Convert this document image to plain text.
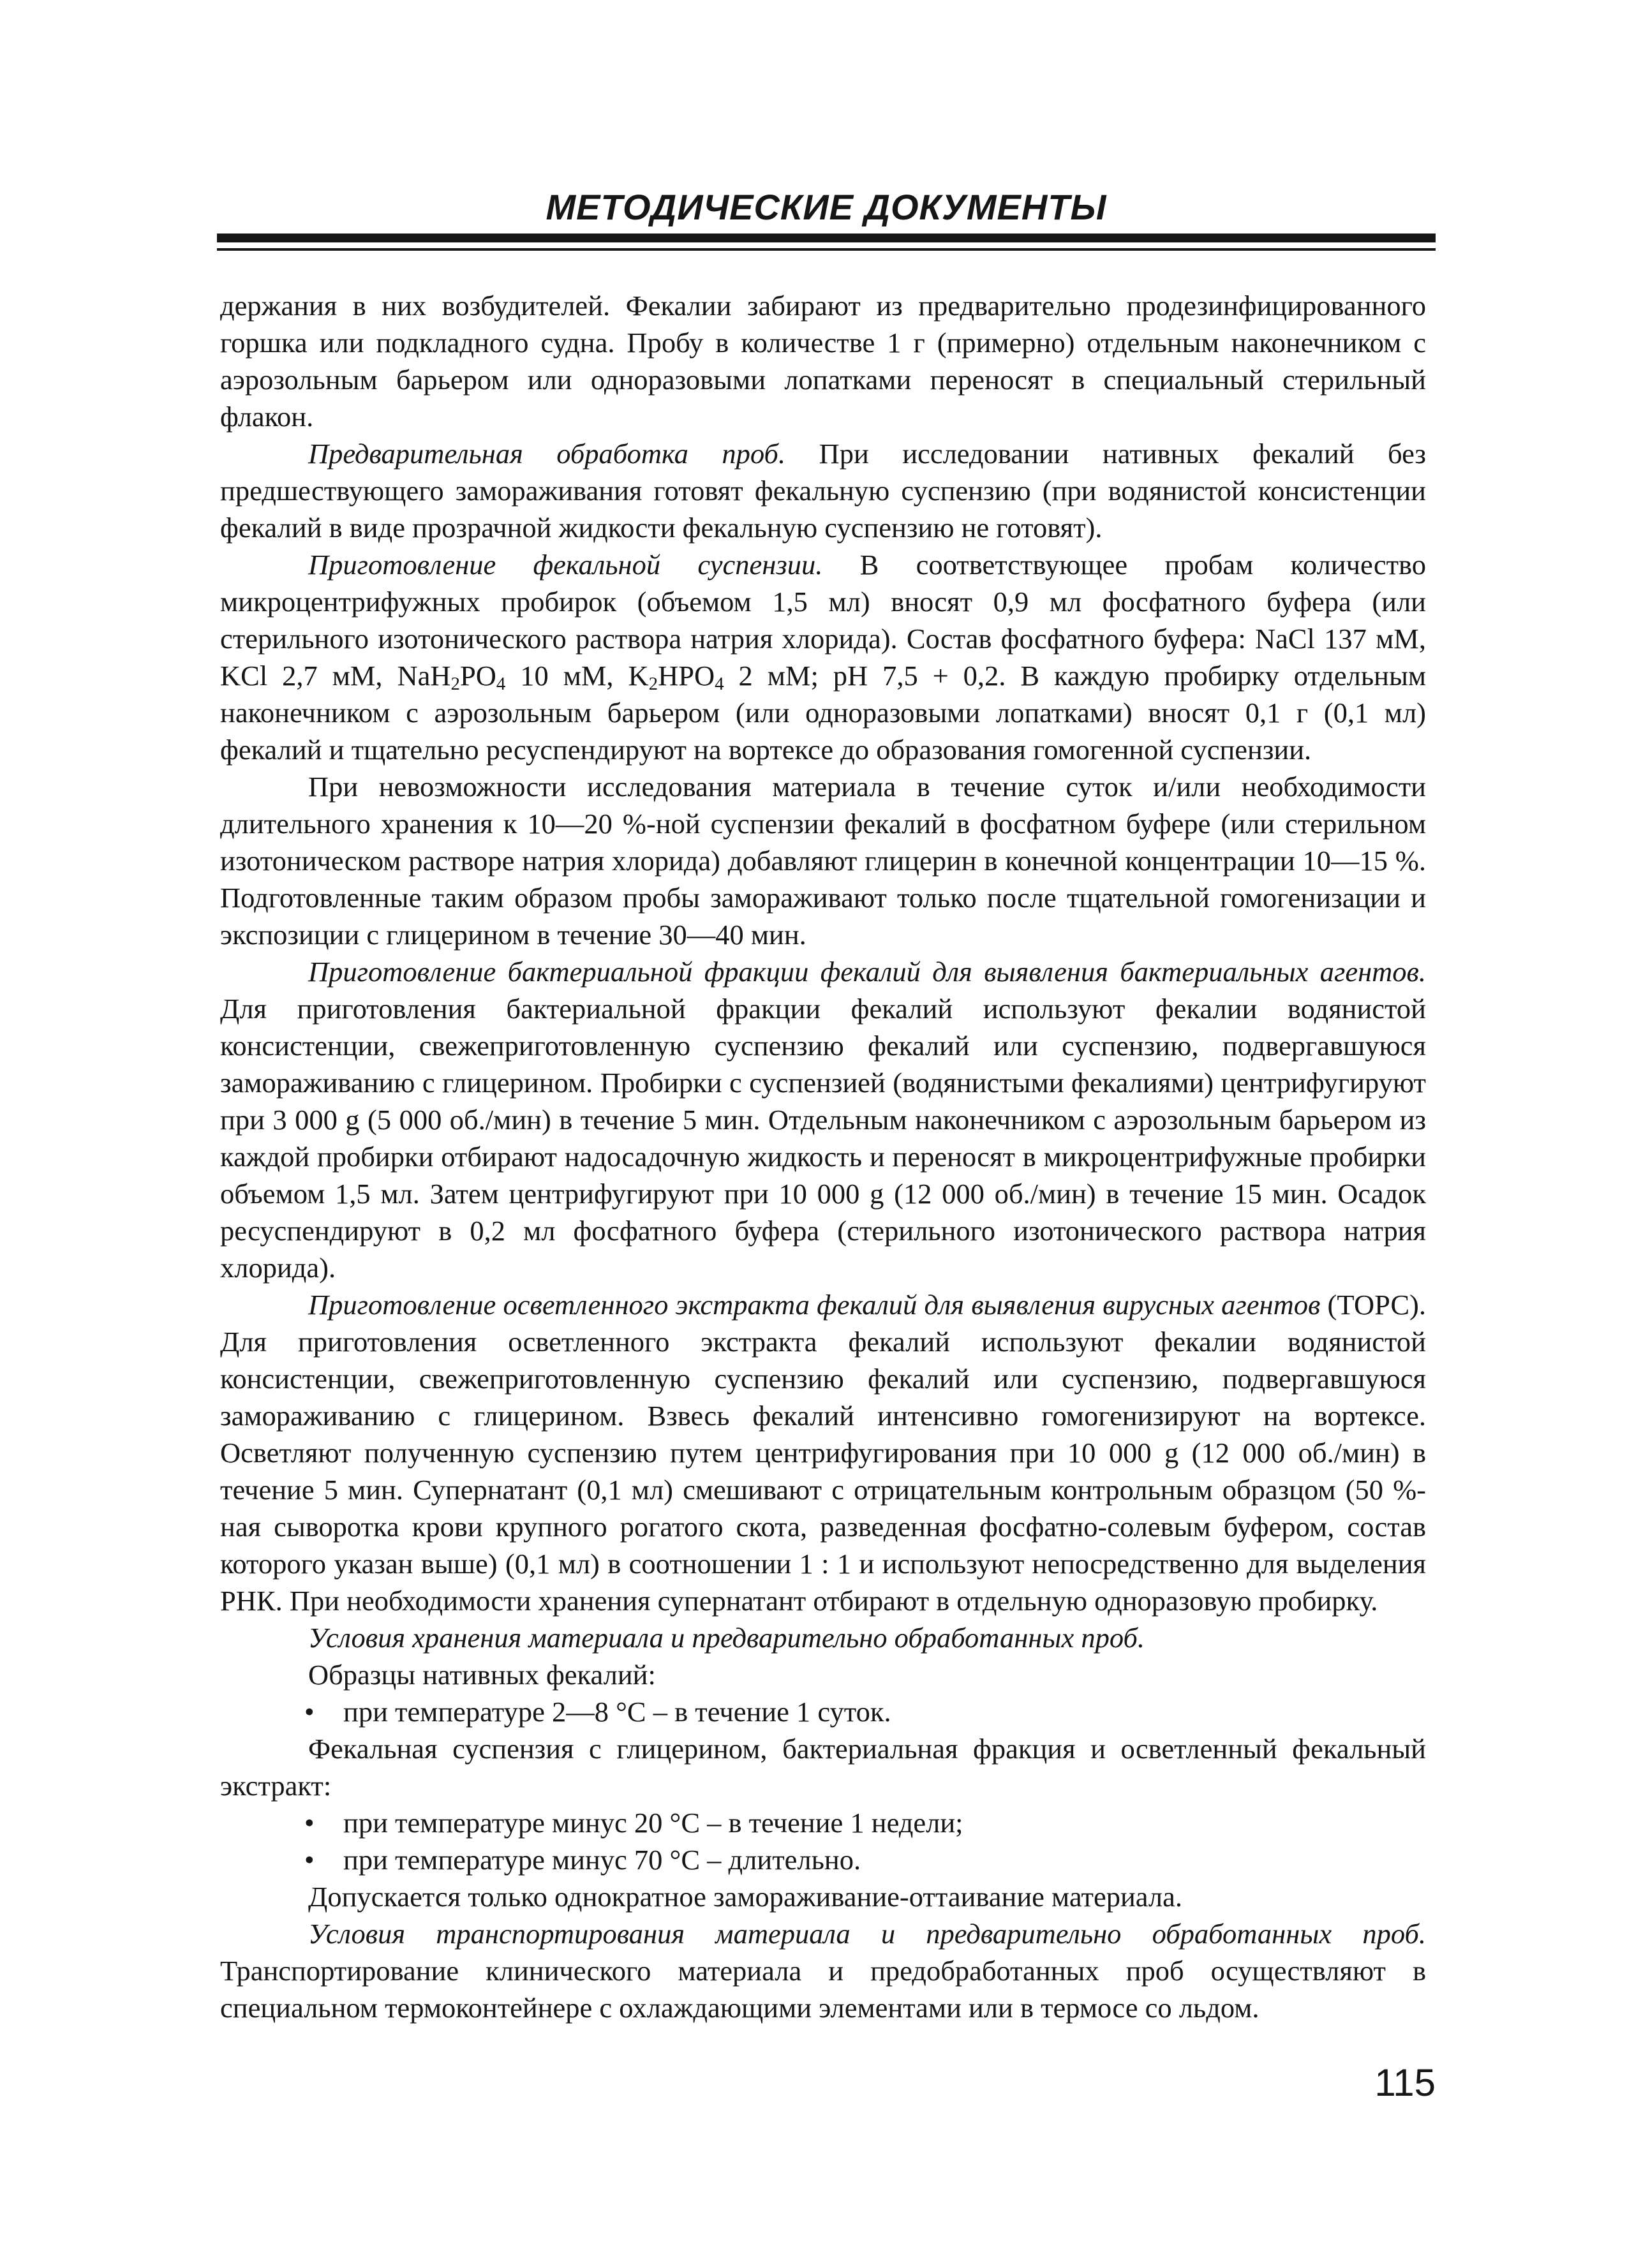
МЕТОДИЧЕСКИЕ ДОКУМЕНТЫ

держания в них возбудителей. Фекалии забирают из предварительно продезинфицированного горшка или подкладного судна. Пробу в количестве 1 г (примерно) отдельным наконечником с аэрозольным барьером или одноразовыми лопатками переносят в специальный стерильный флакон.

Предварительная обработка проб. При исследовании нативных фекалий без предшествующего замораживания готовят фекальную суспензию (при водянистой консистенции фекалий в виде прозрачной жидкости фекальную суспензию не готовят).

Приготовление фекальной суспензии. В соответствующее пробам количество микроцентрифужных пробирок (объемом 1,5 мл) вносят 0,9 мл фосфатного буфера (или стерильного изотонического раствора натрия хлорида). Состав фосфатного буфера: NaCl 137 мМ, KCl 2,7 мМ, $NaH_2PO_4$ 10 мМ, $K_2HPO_4$ 2 мМ; pH 7,5 + 0,2. В каждую пробирку отдельным наконечником с аэрозольным барьером (или одноразовыми лопатками) вносят 0,1 г (0,1 мл) фекалий и тщательно ресуспендируют на вортексе до образования гомогенной суспензии.

При невозможности исследования материала в течение суток и/или необходимости длительного хранения к 10—20 %-ной суспензии фекалий в фосфатном буфере (или стерильном изотоническом растворе натрия хлорида) добавляют глицерин в конечной концентрации 10—15 %. Подготовленные таким образом пробы замораживают только после тщательной гомогенизации и экспозиции с глицерином в течение 30—40 мин.

Приготовление бактериальной фракции фекалий для выявления бактериальных агентов. Для приготовления бактериальной фракции фекалий используют фекалии водянистой консистенции, свежеприготовленную суспензию фекалий или суспензию, подвергавшуюся замораживанию с глицерином. Пробирки с суспензией (водянистыми фекалиями) центрифугируют при 3 000 g (5 000 об./мин) в течение 5 мин. Отдельным наконечником с аэрозольным барьером из каждой пробирки отбирают надосадочную жидкость и переносят в микроцентрифужные пробирки объемом 1,5 мл. Затем центрифугируют при 10 000 g (12 000 об./мин) в течение 15 мин. Осадок ресуспендируют в 0,2 мл фосфатного буфера (стерильного изотонического раствора натрия хлорида).

Приготовление осветленного экстракта фекалий для выявления вирусных агентов (ТОРС). Для приготовления осветленного экстракта фекалий используют фекалии водянистой консистенции, свежеприготовленную суспензию фекалий или суспензию, подвергавшуюся замораживанию с глицерином. Взвесь фекалий интенсивно гомогенизируют на вортексе. Осветляют полученную суспензию путем центрифугирования при 10 000 g (12 000 об./мин) в течение 5 мин. Супернатант (0,1 мл) смешивают с отрицательным контрольным образцом (50 %-ная сыворотка крови крупного рогатого скота, разведенная фосфатно-солевым буфером, состав которого указан выше) (0,1 мл) в соотношении 1 : 1 и используют непосредственно для выделения РНК. При необходимости хранения супернатант отбирают в отдельную одноразовую пробирку.

Условия хранения материала и предварительно обработанных проб.

Образцы нативных фекалий:

• при температуре 2—8 °С – в течение 1 суток.

Фекальная суспензия с глицерином, бактериальная фракция и осветленный фекальный экстракт:

• при температуре минус 20 °С – в течение 1 недели;
• при температуре минус 70 °С – длительно.

Допускается только однократное замораживание-оттаивание материала.

Условия транспортирования материала и предварительно обработанных проб. Транспортирование клинического материала и предобработанных проб осуществляют в специальном термоконтейнере с охлаждающими элементами или в термосе со льдом.

115
